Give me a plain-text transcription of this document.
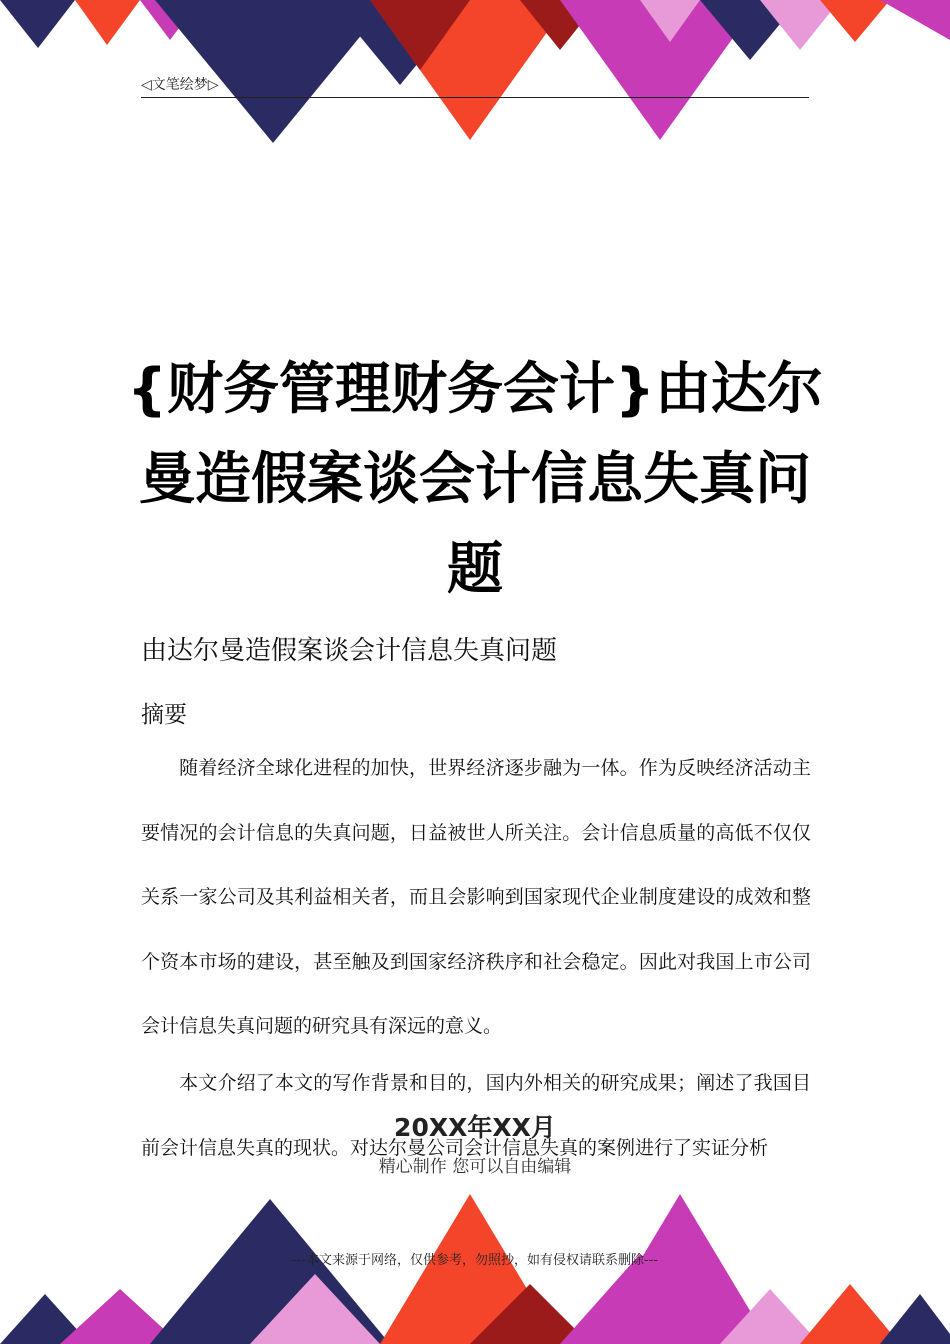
◁文笔绘梦▷
{财务管理财务会计}由达尔曼造假案谈会计信息失真问题
由达尔曼造假案谈会计信息失真问题
摘要
随着经济全球化进程的加快，世界经济逐步融为一体。作为反映经济活动主要情况的会计信息的失真问题，日益被世人所关注。会计信息质量的高低不仅仅关系一家公司及其利益相关者，而且会影响到国家现代企业制度建设的成效和整个资本市场的建设，甚至触及到国家经济秩序和社会稳定。因此对我国上市公司会计信息失真问题的研究具有深远的意义。
本文介绍了本文的写作背景和目的，国内外相关的研究成果；阐述了我国目前会计信息失真的现状。对达尔曼公司会计信息失真的案例进行了实证分析
20XX年XX月
精心制作 您可以自由编辑
---本文来源于网络，仅供参考，勿照抄，如有侵权请联系删除---
